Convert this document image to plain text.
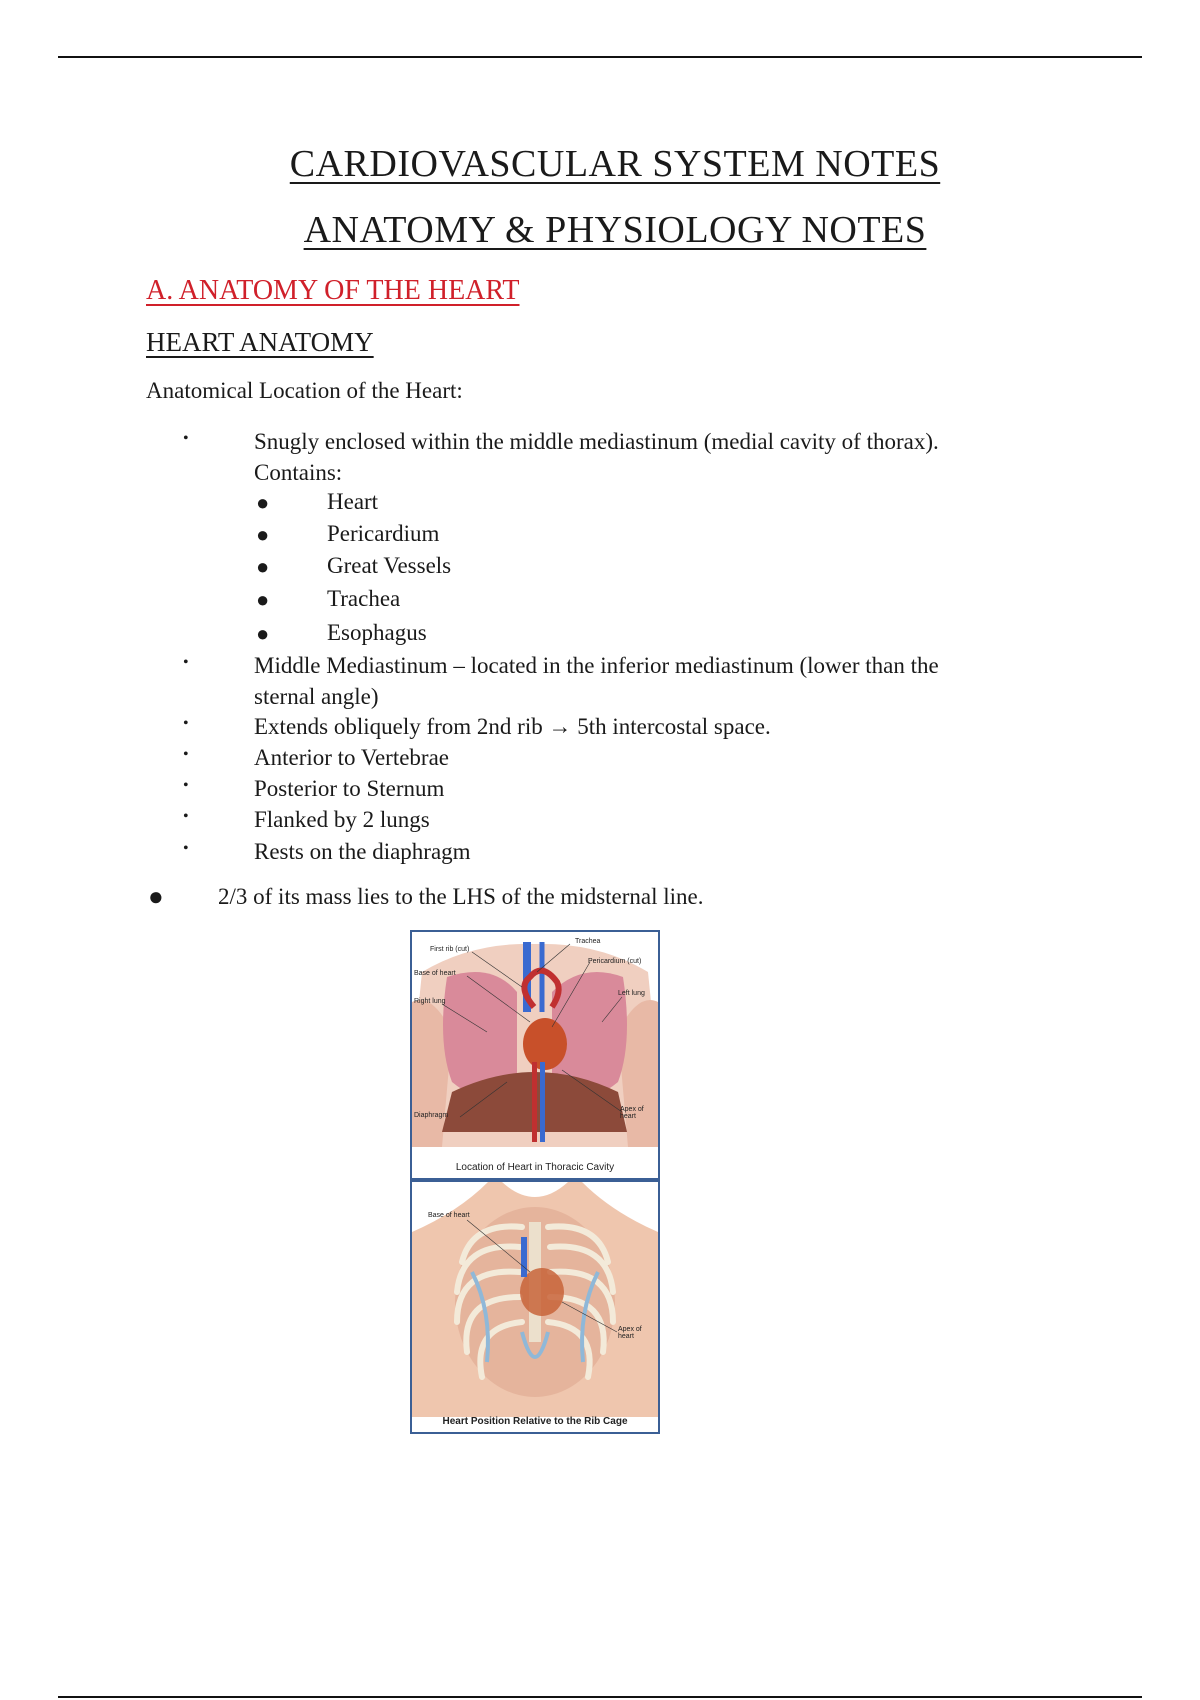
CARDIOVASCULAR SYSTEM NOTES
ANATOMY & PHYSIOLOGY NOTES
A. ANATOMY OF THE HEART
HEART ANATOMY
Anatomical Location of the Heart:
•	Snugly enclosed within the middle mediastinum (medial cavity of thorax).
Contains:
●	Heart
●	Pericardium
●	Great Vessels
●	Trachea
●	Esophagus
•	Middle Mediastinum – located in the inferior mediastinum (lower than the
sternal angle)
•	Extends obliquely from 2nd rib → 5th intercostal space.
•	Anterior to Vertebrae
•	Posterior to Sternum
•	Flanked by 2 lungs
•	Rests on the diaphragm
● 2/3 of its mass lies to the LHS of the midsternal line.
First rib (cut)
Trachea
Pericardium (cut)
Base of heart
Right lung
Left lung
Diaphragm
Apex of heart
Location of Heart in Thoracic Cavity
Base of heart
Apex of heart
Heart Position Relative to the Rib Cage
